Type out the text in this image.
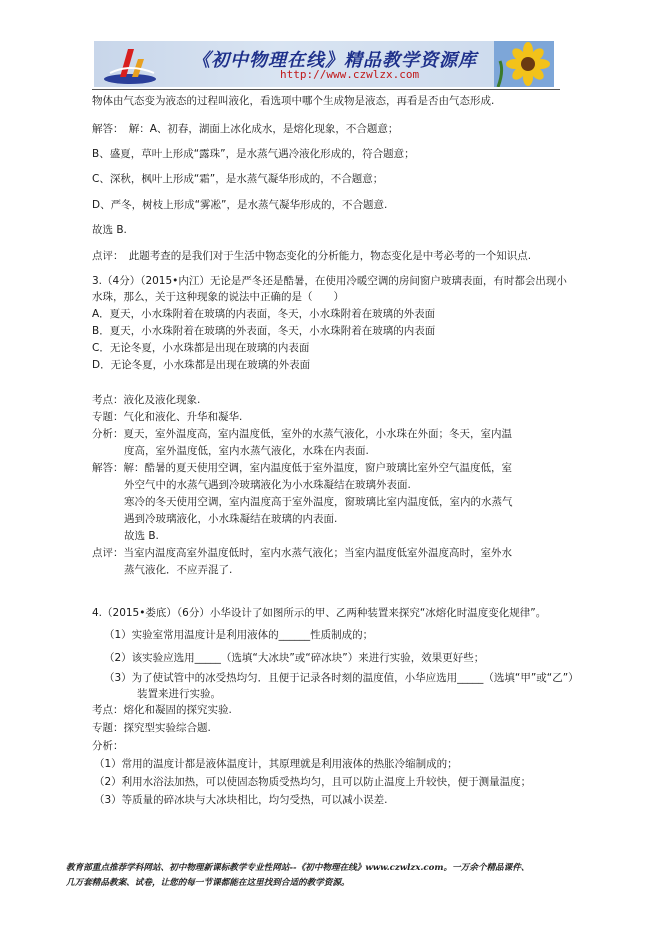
《初中物理在线》精品教学资源库
http://www.czwlzx.com
物体由气态变为液态的过程叫液化，看选项中哪个生成物是液态，再看是否由气态形成.
解答：　解：A、初春，湖面上冰化成水，是熔化现象，不合题意；
B、盛夏，草叶上形成“露珠”，是水蒸气遇冷液化形成的，符合题意；
C、深秋，枫叶上形成“霜”，是水蒸气凝华形成的，不合题意；
D、严冬，树枝上形成“雾凇”，是水蒸气凝华形成的，不合题意.
故选 B.
点评：　此题考查的是我们对于生活中物态变化的分析能力，物态变化是中考必考的一个知识点.
3.（4分）（2015•内江）无论是严冬还是酷暑，在使用冷暖空调的房间窗户玻璃表面，有时都会出现小
水珠，那么，关于这种现象的说法中正确的是（　　）
A．夏天，小水珠附着在玻璃的内表面，冬天，小水珠附着在玻璃的外表面
B．夏天，小水珠附着在玻璃的外表面，冬天，小水珠附着在玻璃的内表面
C．无论冬夏，小水珠都是出现在玻璃的内表面
D．无论冬夏，小水珠都是出现在玻璃的外表面
考点：液化及液化现象.
专题：气化和液化、升华和凝华.
分析：夏天，室外温度高，室内温度低，室外的水蒸气液化，小水珠在外面；冬天，室内温
度高，室外温度低，室内水蒸气液化，水珠在内表面.
解答：解：酷暑的夏天使用空调，室内温度低于室外温度，窗户玻璃比室外空气温度低，室
外空气中的水蒸气遇到冷玻璃液化为小水珠凝结在玻璃外表面.
寒冷的冬天使用空调，室内温度高于室外温度，窗玻璃比室内温度低，室内的水蒸气
遇到冷玻璃液化，小水珠凝结在玻璃的内表面.
故选 B.
点评：当室内温度高室外温度低时，室内水蒸气液化；当室内温度低室外温度高时，室外水
蒸气液化．不应弄混了.
4.（2015•娄底）（6分）小华设计了如图所示的甲、乙两种装置来探究“冰熔化时温度变化规律”。
（1）实验室常用温度计是利用液体的______性质制成的；
（2）该实验应选用_____（选填“大冰块”或“碎冰块”）来进行实验，效果更好些；
（3）为了使试管中的冰受热均匀．且便于记录各时刻的温度值，小华应选用_____（选填“甲”或“乙”）
装置来进行实验。
考点：熔化和凝固的探究实验.
专题：探究型实验综合题.
分析：
（1）常用的温度计都是液体温度计，其原理就是利用液体的热胀冷缩制成的；
（2）利用水浴法加热，可以使固态物质受热均匀，且可以防止温度上升较快，便于测量温度；
（3）等质量的碎冰块与大冰块相比，均匀受热，可以减小误差.
教育部重点推荐学科网站、初中物理新课标教学专业性网站--《初中物理在线》www.czwlzx.com。一万余个精品课件、
几万套精品教案、试卷，让您的每一节课都能在这里找到合适的教学资源。
